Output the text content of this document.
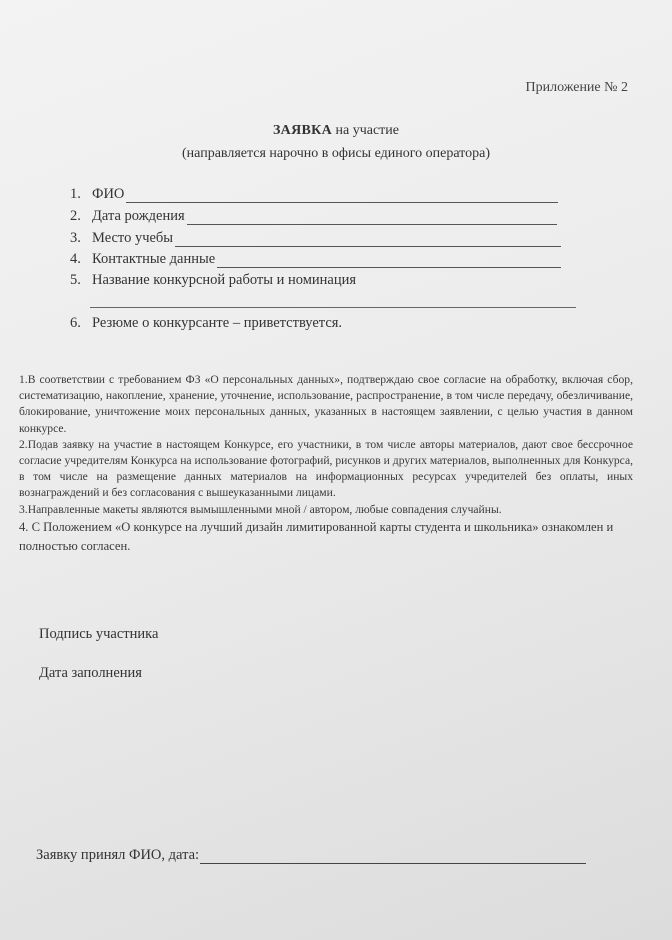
Приложение № 2
ЗАЯВКА на участие
(направляется нарочно в офисы единого оператора)
1. ФИО
2. Дата рождения
3. Место учебы
4. Контактные данные
5. Название конкурсной работы и номинация
6. Резюме о конкурсанте – приветствуется.

1.В соответствии с требованием ФЗ «О персональных данных», подтверждаю свое согласие на обработку, включая сбор, систематизацию, накопление, хранение, уточнение, использование, распространение, в том числе передачу, обезличивание, блокирование, уничтожение моих персональных данных, указанных в настоящем заявлении, с целью участия в данном конкурсе.

2.Подав заявку на участие в настоящем Конкурсе, его участники, в том числе авторы материалов, дают свое бессрочное согласие учредителям Конкурса на использование фотографий, рисунков и других материалов, выполненных для Конкурса, в том числе на размещение данных материалов на информационных ресурсах учредителей без оплаты, иных вознаграждений и без согласования с вышеуказанными лицами.

3.Направленные макеты являются вымышленными мной / автором, любые совпадения случайны.

4. С Положением «О конкурсе на лучший дизайн лимитированной карты студента и школьника» ознакомлен и полностью согласен.

Подпись участника
Дата заполнения
Заявку принял ФИО, дата:
